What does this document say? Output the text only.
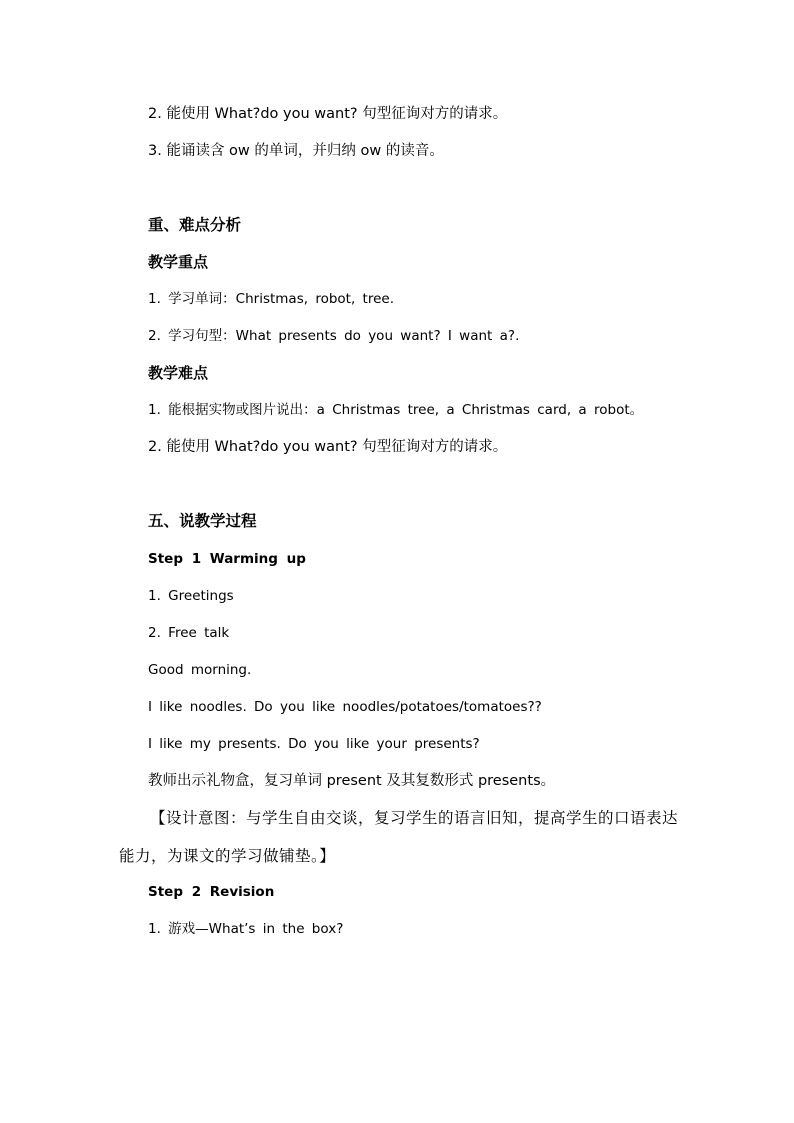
2. 能使用 What?do you want? 句型征询对方的请求。
3. 能诵读含 ow 的单词，并归纳 ow 的读音。
重、难点分析
教学重点
1. 学习单词：Christmas, robot, tree.
2. 学习句型：What presents do you want? I want a?.
教学难点
1. 能根据实物或图片说出：a Christmas tree, a Christmas card, a robot。
2. 能使用 What?do you want? 句型征询对方的请求。
五、说教学过程
Step 1 Warming up
1. Greetings
2. Free talk
Good morning.
I like noodles. Do you like noodles/potatoes/tomatoes??
I like my presents. Do you like your presents?
教师出示礼物盒，复习单词 present 及其复数形式 presents。
【设计意图：与学生自由交谈，复习学生的语言旧知，提高学生的口语表达
能力，为课文的学习做铺垫。】
Step 2 Revision
1. 游戏—What’s in the box?
